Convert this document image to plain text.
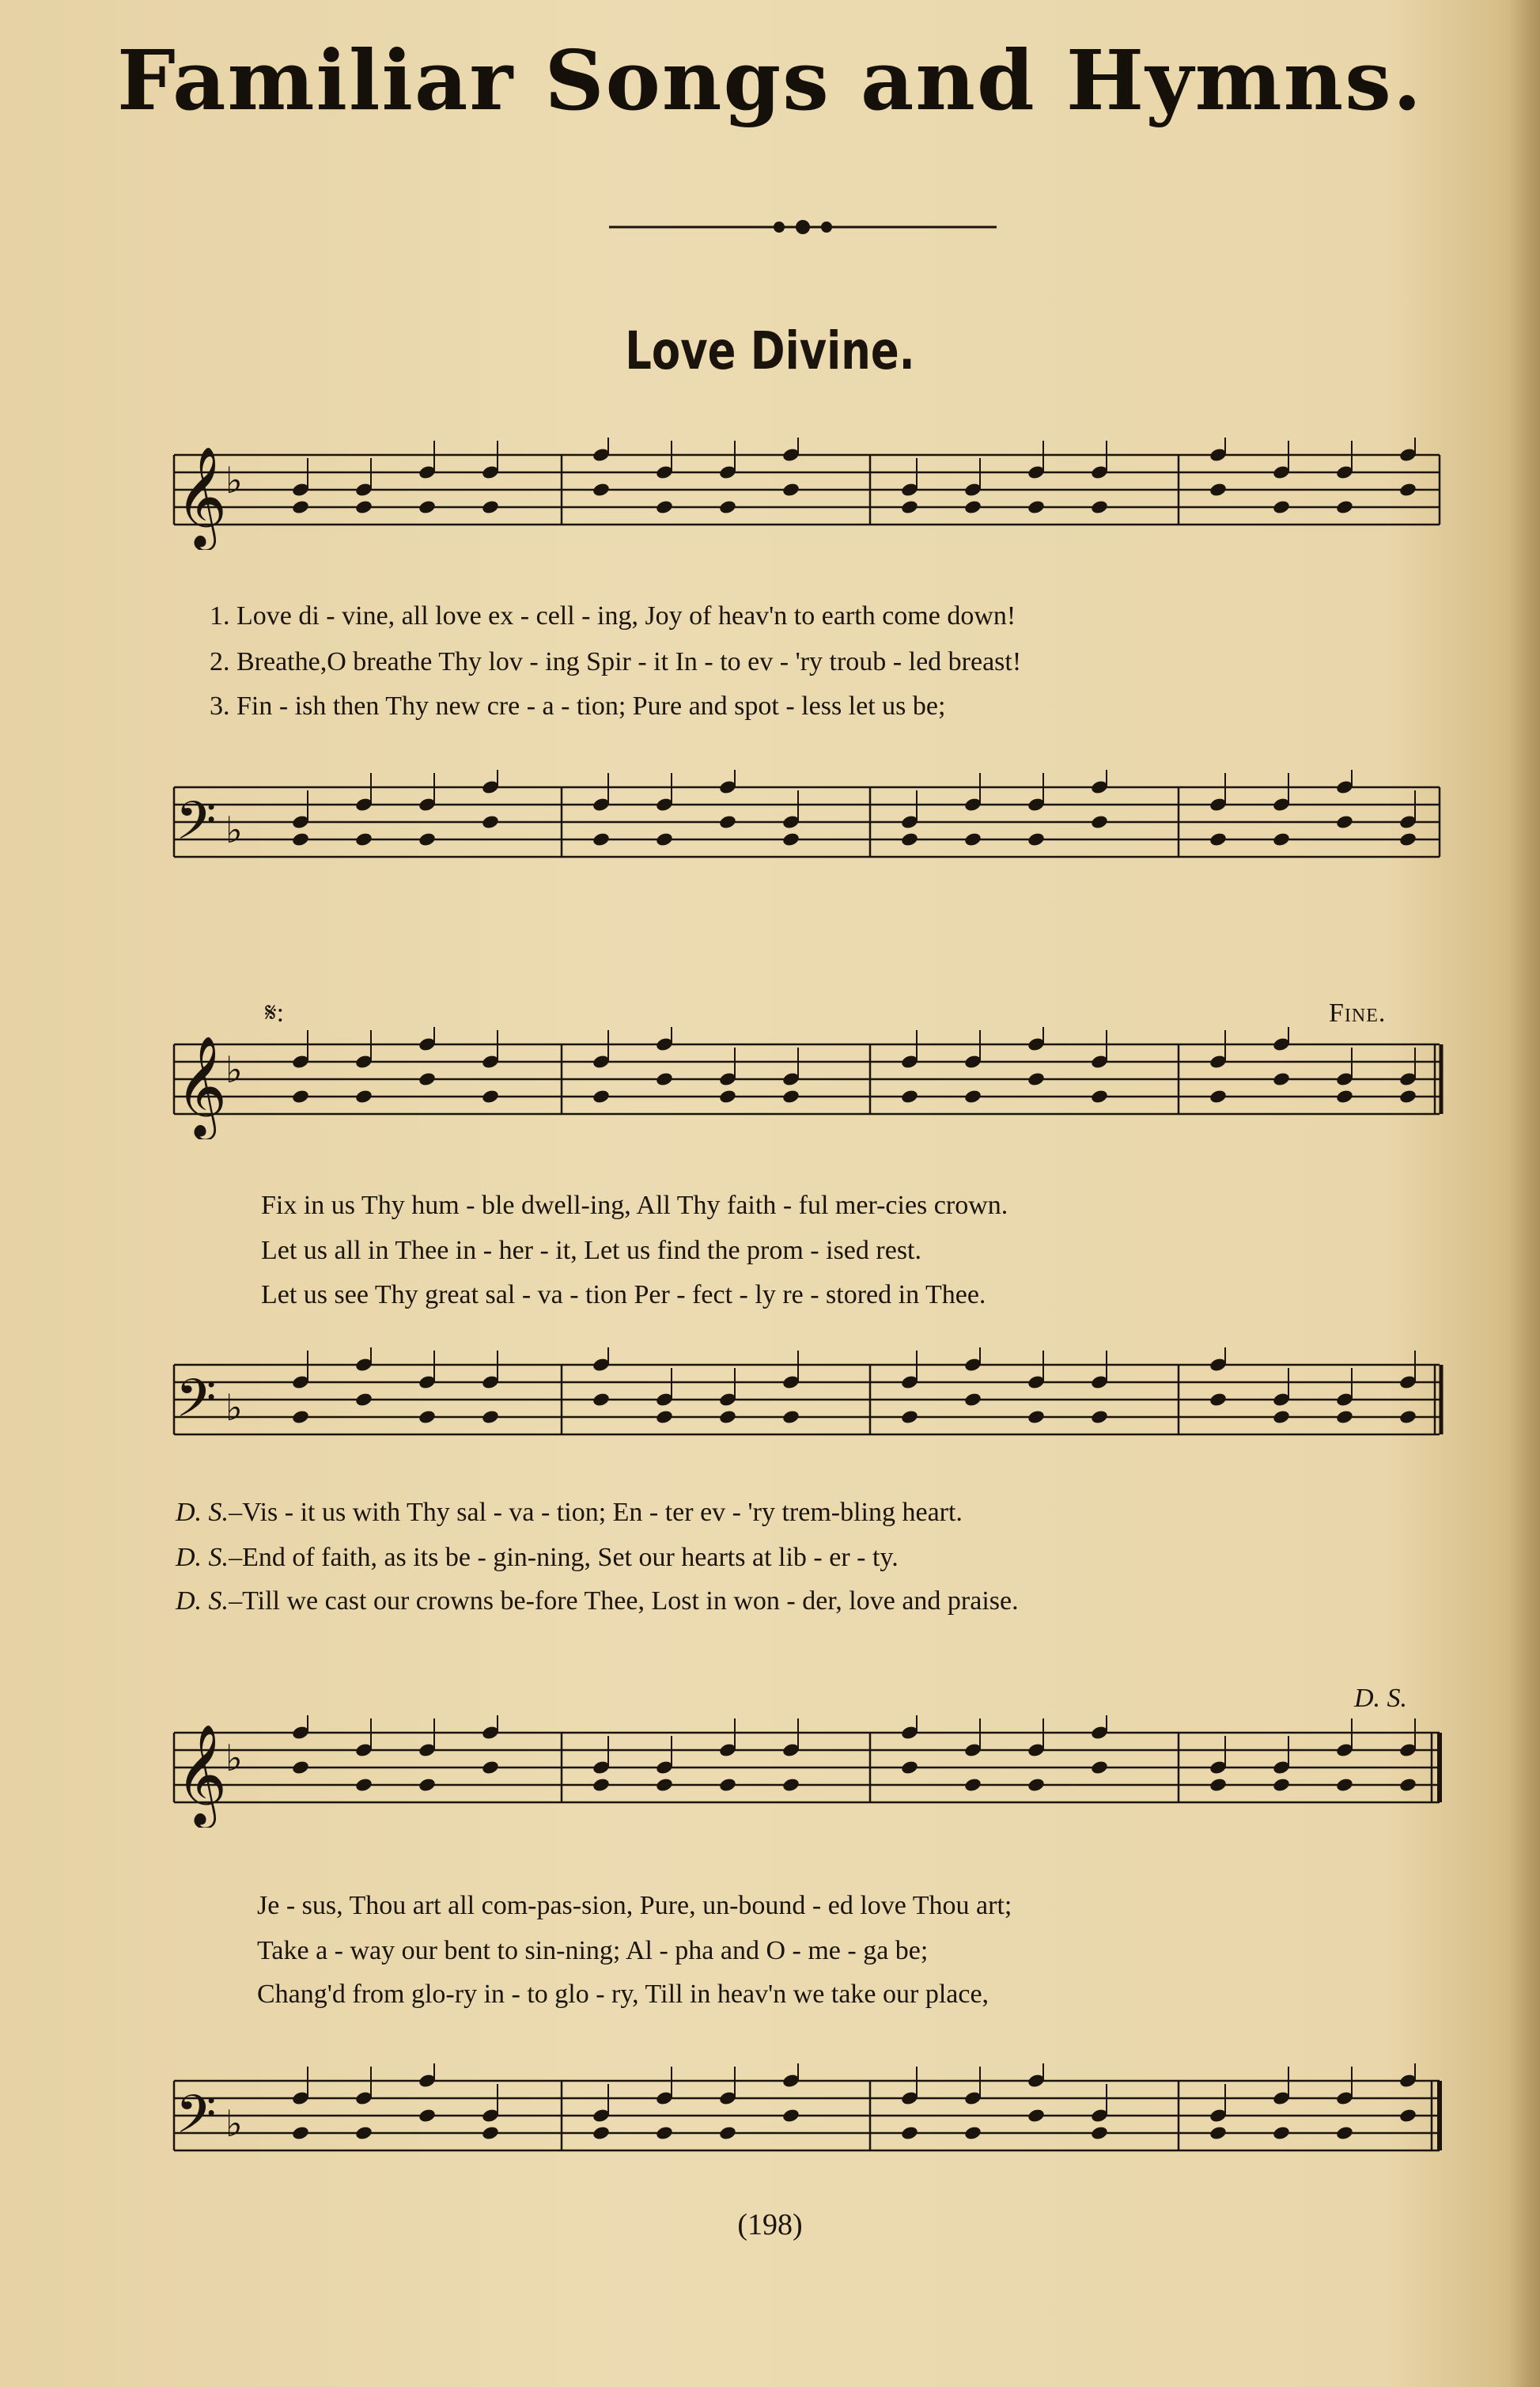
Familiar Songs and Hymns.
Love Divine.
𝄞
♭
𝄢 ♭
1. Love di - vine, all love ex - cell - ing, Joy of heav'n to earth come down!
2. Breathe,O breathe Thy lov - ing Spir - it In - to ev - 'ry troub - led breast!
3. Fin - ish then Thy new cre - a - tion; Pure and spot - less let us be;
𝄋:	Fine.
𝄞
♭
Fix in us Thy hum - ble dwell-ing, All Thy faith - ful mer-cies crown.
Let us all in Thee in - her - it, Let us find the prom - ised rest.
Let us see Thy great sal - va - tion Per - fect - ly re - stored in Thee.
𝄢 ♭
D. S.–Vis - it us with Thy sal - va - tion; En - ter ev - 'ry trem-bling heart.
D. S.–End of faith, as its be - gin-ning, Set our hearts at lib - er - ty.
D. S.–Till we cast our crowns be-fore Thee, Lost in won - der, love and praise.
D. S.
𝄞
♭
Je - sus, Thou art all com-pas-sion, Pure, un-bound - ed love Thou art;
Take a - way our bent to sin-ning; Al - pha and O - me - ga be;
Chang'd from glo-ry in - to glo - ry, Till in heav'n we take our place,
𝄢 ♭
(198)
